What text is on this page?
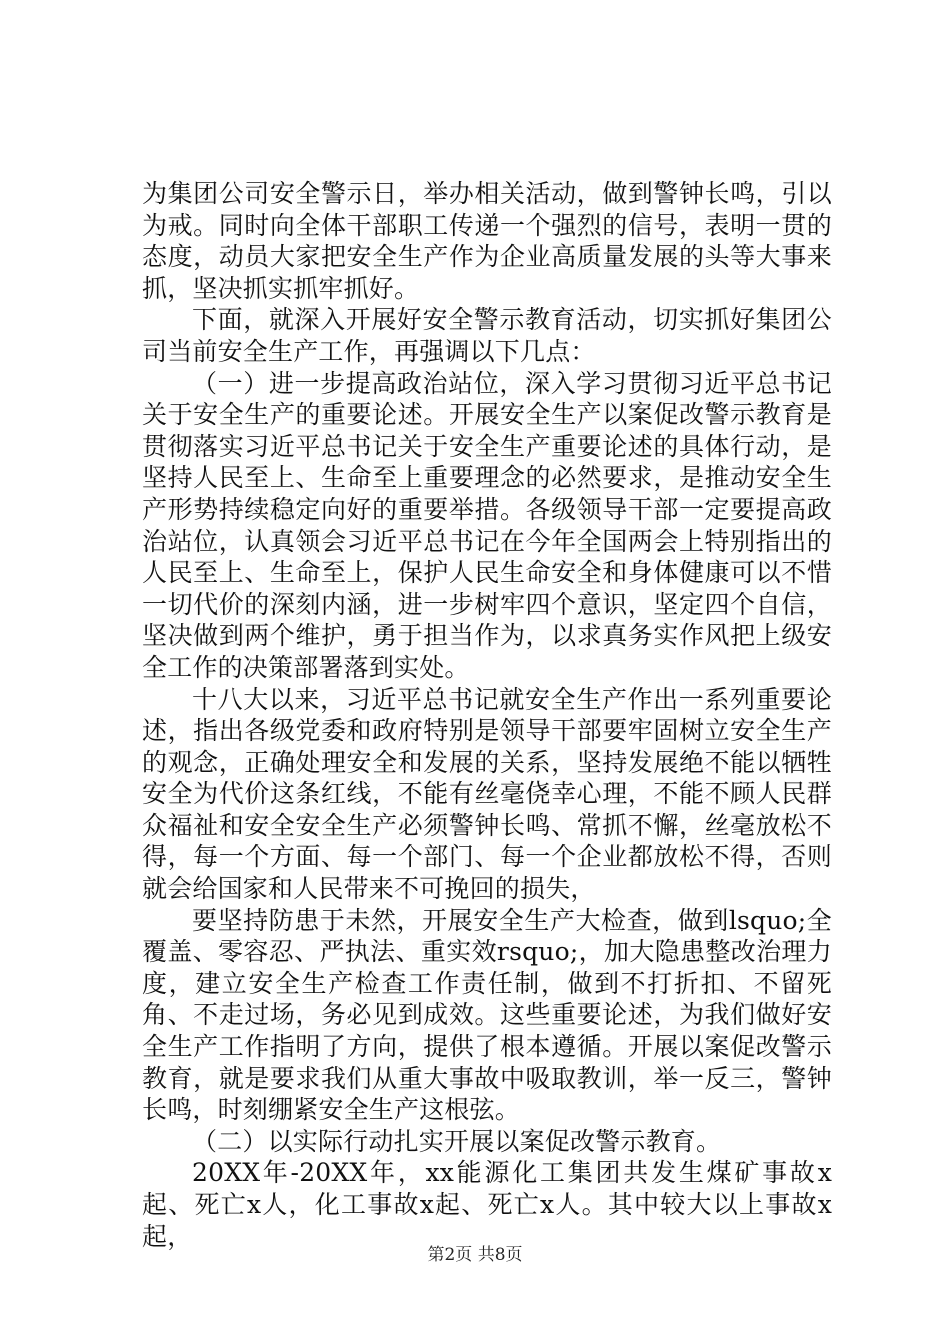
为集团公司安全警示日，举办相关活动，做到警钟长鸣，引以为戒。同时向全体干部职工传递一个强烈的信号，表明一贯的态度，动员大家把安全生产作为企业高质量发展的头等大事来抓，坚决抓实抓牢抓好。

下面，就深入开展好安全警示教育活动，切实抓好集团公司当前安全生产工作，再强调以下几点：

（一）进一步提高政治站位，深入学习贯彻习近平总书记关于安全生产的重要论述。开展安全生产以案促改警示教育是贯彻落实习近平总书记关于安全生产重要论述的具体行动，是坚持人民至上、生命至上重要理念的必然要求，是推动安全生产形势持续稳定向好的重要举措。各级领导干部一定要提高政治站位，认真领会习近平总书记在今年全国两会上特别指出的人民至上、生命至上，保护人民生命安全和身体健康可以不惜一切代价的深刻内涵，进一步树牢四个意识，坚定四个自信，坚决做到两个维护，勇于担当作为，以求真务实作风把上级安全工作的决策部署落到实处。

十八大以来，习近平总书记就安全生产作出一系列重要论述，指出各级党委和政府特别是领导干部要牢固树立安全生产的观念，正确处理安全和发展的关系，坚持发展绝不能以牺牲安全为代价这条红线，不能有丝毫侥幸心理，不能不顾人民群众福祉和安全安全生产必须警钟长鸣、常抓不懈，丝毫放松不得，每一个方面、每一个部门、每一个企业都放松不得，否则就会给国家和人民带来不可挽回的损失，

要坚持防患于未然，开展安全生产大检查，做到lsquo;全覆盖、零容忍、严执法、重实效rsquo;，加大隐患整改治理力度，建立安全生产检查工作责任制，做到不打折扣、不留死角、不走过场，务必见到成效。这些重要论述，为我们做好安全生产工作指明了方向，提供了根本遵循。开展以案促改警示教育，就是要求我们从重大事故中吸取教训，举一反三，警钟长鸣，时刻绷紧安全生产这根弦。

（二）以实际行动扎实开展以案促改警示教育。

20XX年-20XX年，xx能源化工集团共发生煤矿事故x起、死亡x人，化工事故x起、死亡x人。其中较大以上事故x起，

第2页 共8页
